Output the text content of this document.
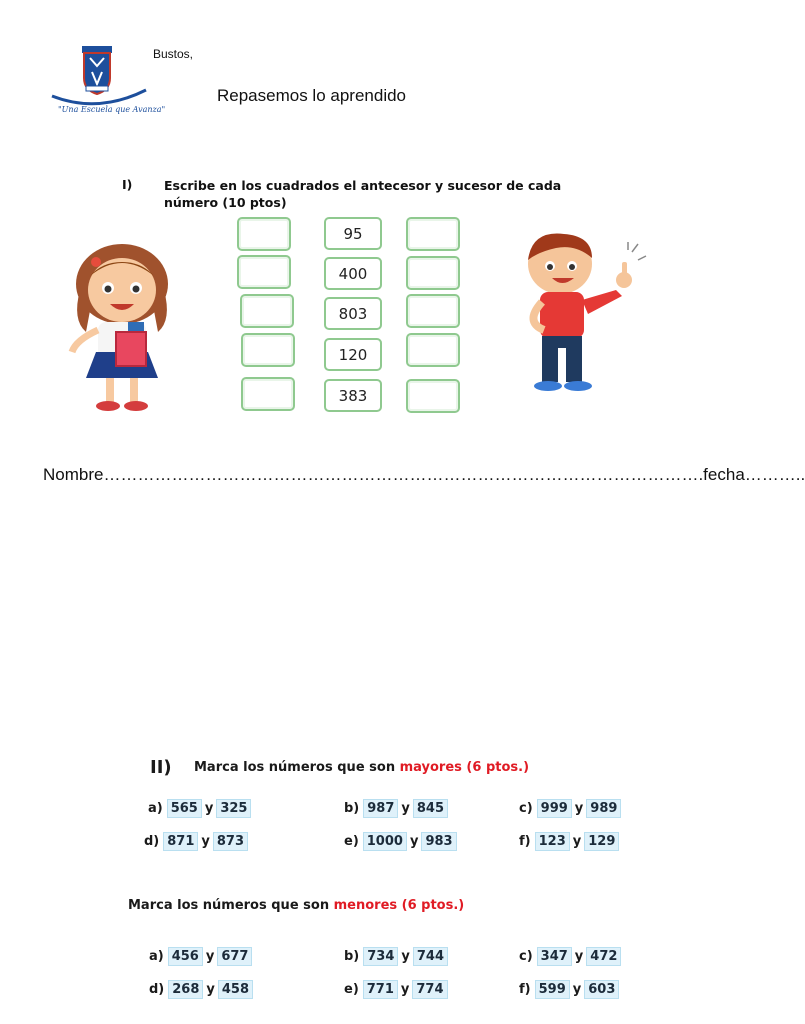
"Una Escuela que Avanza"
Bustos,
Repasemos lo aprendido
I)	Escribe en los cuadrados el antecesor y sucesor de cada número (10 ptos)
95
400
803
120
383
Nombre…………………………………………………………………………………………….fecha………..
II) Marca los números que son mayores (6 ptos.)
a) 565 y 325	b) 987 y 845	c) 999 y 989
d) 871 y 873	e) 1000 y 983	f) 123 y 129
Marca los números que son menores (6 ptos.)
a) 456 y 677	b) 734 y 744	c) 347 y 472
d) 268 y 458	e) 771 y 774	f) 599 y 603
